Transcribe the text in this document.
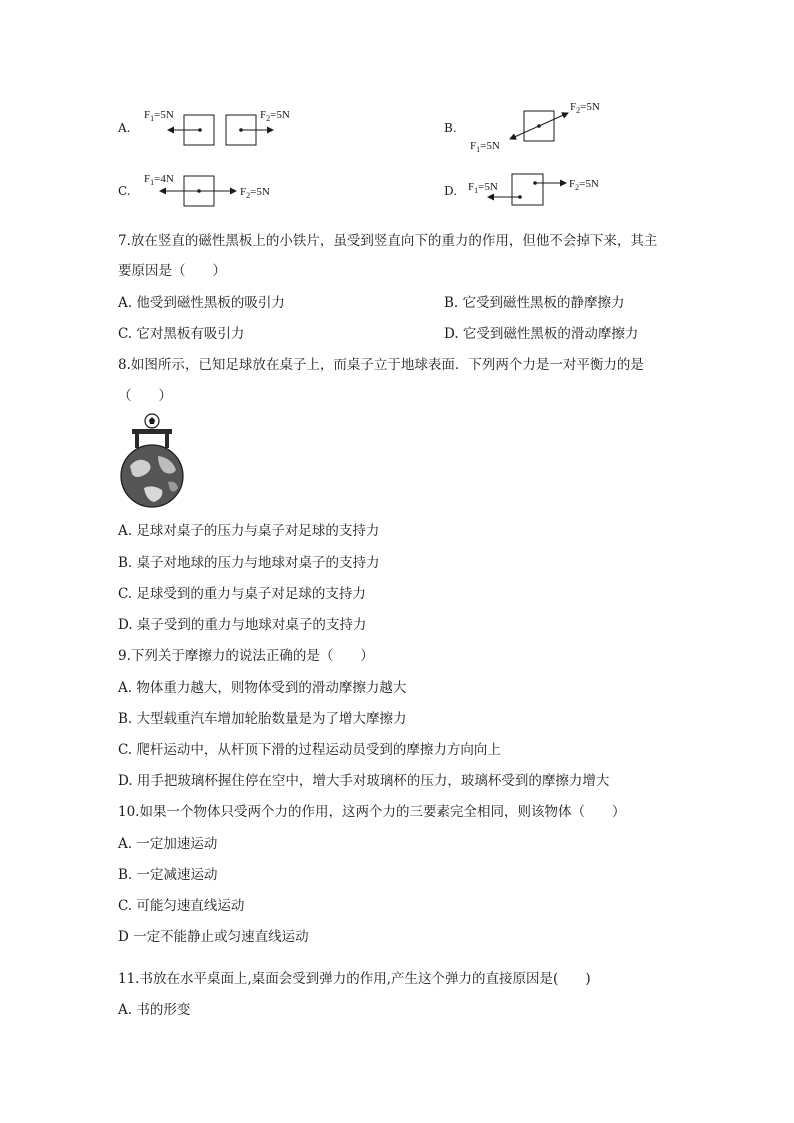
A.
$F_1=5N$	$F_2=5N$
B.
$F_2=5N$
$F_1=5N$
C.
$F_1=4N$
$F_2=5N$	D. $F_1=5N$	$F_2=5N$
7.放在竖直的磁性黑板上的小铁片，虽受到竖直向下的重力的作用，但他不会掉下来，其主
要原因是（　　）
A. 他受到磁性黑板的吸引力	B. 它受到磁性黑板的静摩擦力
C. 它对黑板有吸引力	D. 它受到磁性黑板的滑动摩擦力
8.如图所示，已知足球放在桌子上，而桌子立于地球表面．下列两个力是一对平衡力的是
（　　）
A. 足球对桌子的压力与桌子对足球的支持力
B. 桌子对地球的压力与地球对桌子的支持力
C. 足球受到的重力与桌子对足球的支持力
D. 桌子受到的重力与地球对桌子的支持力
9.下列关于摩擦力的说法正确的是（　　）
A. 物体重力越大，则物体受到的滑动摩擦力越大
B. 大型载重汽车增加轮胎数量是为了增大摩擦力
C. 爬杆运动中，从杆顶下滑的过程运动员受到的摩擦力方向向上
D. 用手把玻璃杯握住停在空中，增大手对玻璃杯的压力，玻璃杯受到的摩擦力增大
10.如果一个物体只受两个力的作用，这两个力的三要素完全相同，则该物体（　　）
A. 一定加速运动
B. 一定减速运动
C. 可能匀速直线运动
D 一定不能静止或匀速直线运动
11.书放在水平桌面上,桌面会受到弹力的作用,产生这个弹力的直接原因是(　　)
A. 书的形变
